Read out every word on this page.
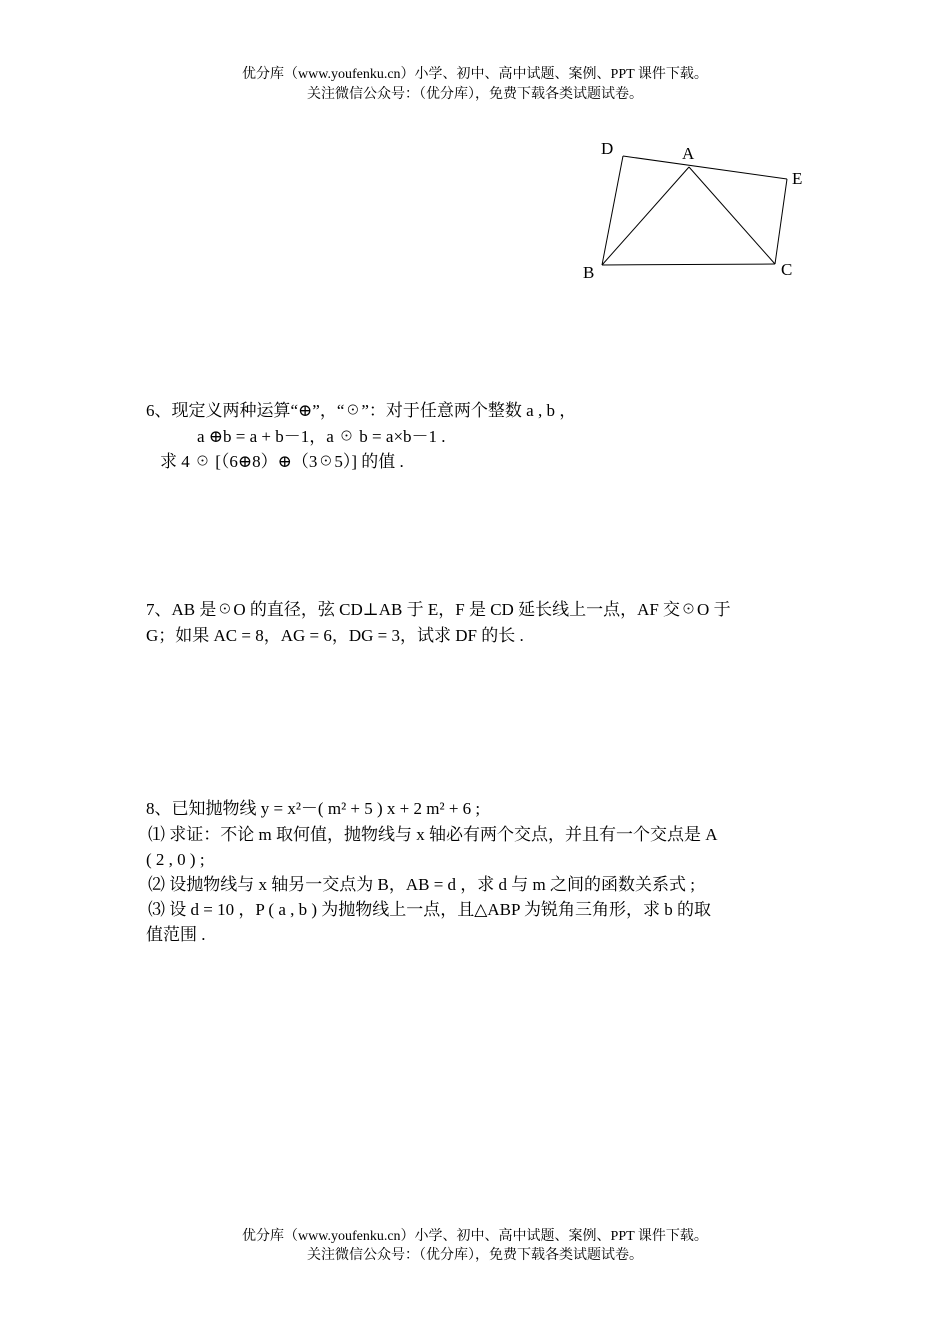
优分库（www.youfenku.cn）小学、初中、高中试题、案例、PPT 课件下载。
关注微信公众号：（优分库），免费下载各类试题试卷。
D	A
E
B	C
6、现定义两种运算“⊕”，“☉”：对于任意两个整数 a , b ，
a ⊕b = a + b－1，a ☉ b = a×b－1 .
求 4 ☉ [（6⊕8）⊕（3☉5）] 的值 .
7、AB 是☉O 的直径，弦 CD⊥AB 于 E，F 是 CD 延长线上一点，AF 交☉O 于
G；如果 AC = 8，AG = 6，DG = 3，试求 DF 的长 .
8、已知抛物线 y = x²－( m² + 5 ) x + 2 m² + 6 ;
⑴ 求证：不论 m 取何值，抛物线与 x 轴必有两个交点，并且有一个交点是 A
( 2 , 0 ) ;
⑵ 设抛物线与 x 轴另一交点为 B，AB = d ，求 d 与 m 之间的函数关系式 ;
⑶ 设 d = 10 ，P ( a , b ) 为抛物线上一点，且△ABP 为锐角三角形，求 b 的取
值范围 .
优分库（www.youfenku.cn）小学、初中、高中试题、案例、PPT 课件下载。
关注微信公众号：（优分库），免费下载各类试题试卷。
